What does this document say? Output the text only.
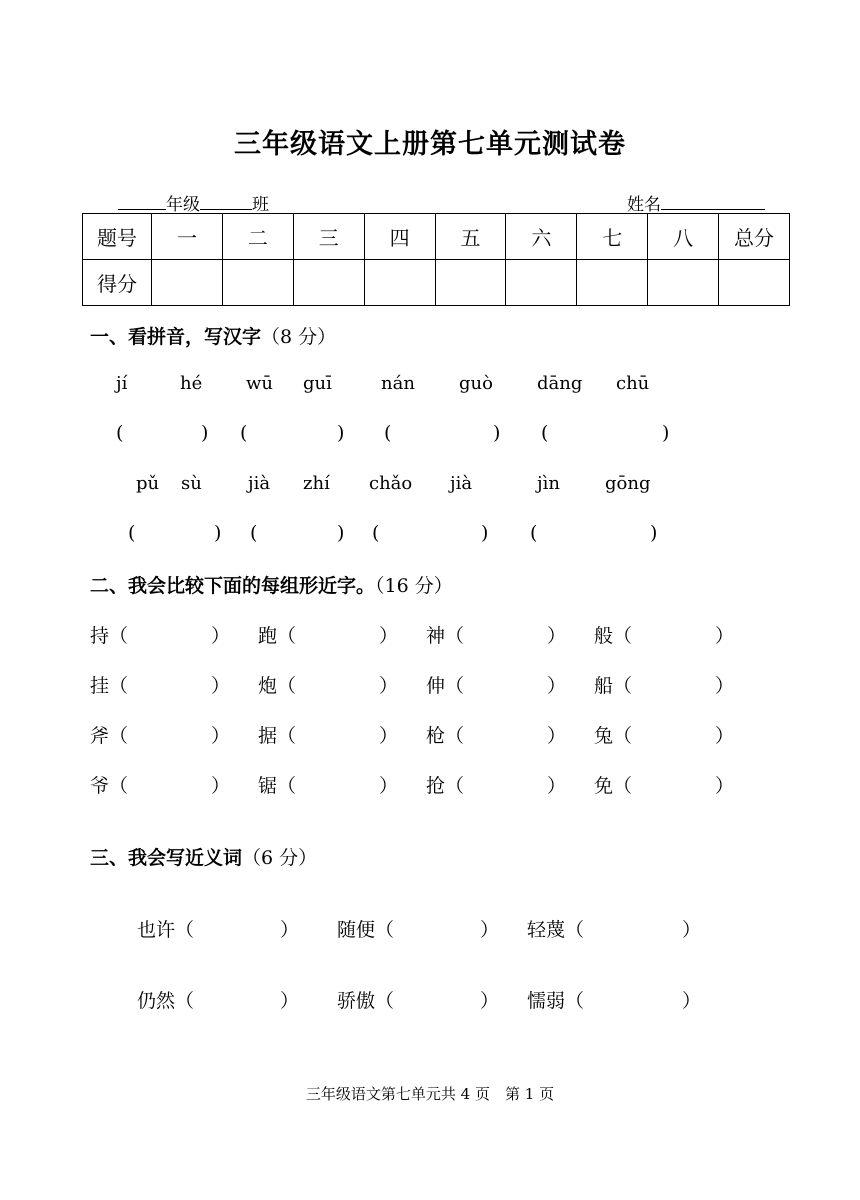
三年级语文上册第七单元测试卷
年级	班	姓名
题号	一	二	三	四	五	六	七	八	总分
得分									
一、看拼音，写汉字（8 分）
jí	hé wū guī	nán guò dāng chū
(	) (	) (	) (	)
pǔ sù	jià zhí chǎo jià	jìn	gōng
(	) (	) (	) (	)
二、我会比较下面的每组形近字。（16 分）
持（	） 跑（	） 神（	） 般（	）
挂（	） 炮（	） 伸（	） 船（	）
斧（	） 据（	） 枪（	） 兔（	）
爷（	） 锯（	） 抢（	） 免（	）
三、我会写近义词（6 分）
也许（	） 随便（	） 轻蔑（	）
仍然（	） 骄傲（	） 懦弱（	）
三年级语文第七单元共 4 页　第 1 页
